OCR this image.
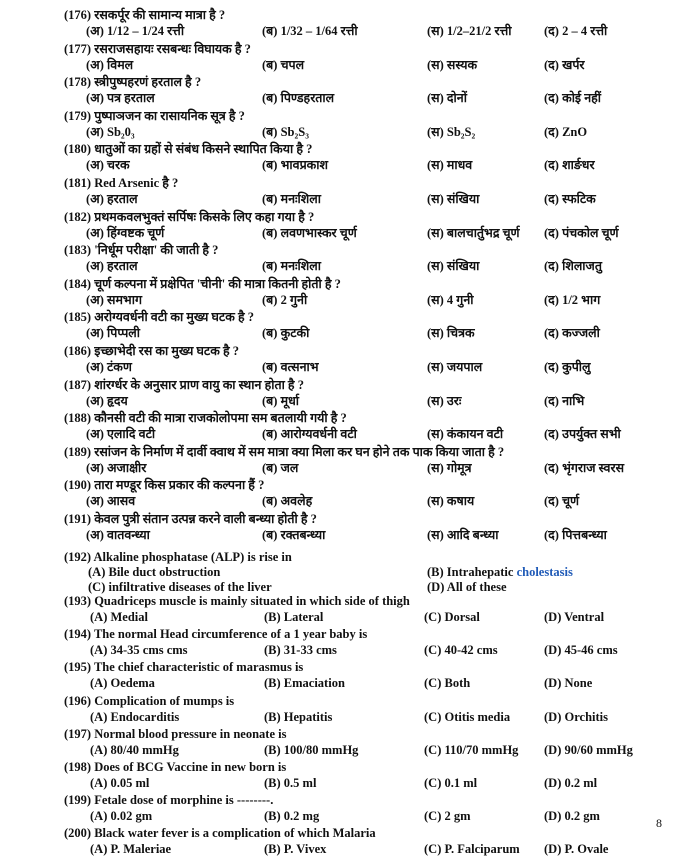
(176) रसकर्पूर की सामान्य मात्रा है ?
(अ) 1/12 – 1/24 रत्ती	(ब) 1/32 – 1/64 रत्ती	(स) 1/2–21/2 रत्ती	(द) 2 – 4 रत्ती
(177) रसराजसहायः रसबन्धः विघायक है ?
(अ) विमल	(ब) चपल	(स) सस्यक	(द) खर्पर
(178) स्त्रीपुष्पहरणं हरताल है ?
(अ) पत्र हरताल	(ब) पिण्डहरताल	(स) दोनों	(द) कोई नहीं
(179) पुष्पाञजन का रासायनिक सूत्र है ?
(अ) Sb₂0₃	(ब) Sb₂S₃	(स) Sb₂S₂	(द) ZnO
(180) धातुओं का ग्रहों से संबंध किसने स्थापित किया है ?
(अ) चरक	(ब) भावप्रकाश	(स) माधव	(द) शार्ङधर
(181) Red Arsenic है ?
(अ) हरताल	(ब) मनःशिला	(स) संखिया	(द) स्फटिक
(182) प्रथमकवलभुक्तं सर्पिषः किसके लिए कहा गया है ?
(अ) हिंग्वष्टक चूर्ण	(ब) लवणभास्कर चूर्ण	(स) बालचार्तुभद्र चूर्ण (द) पंचकोल चूर्ण
(183) 'निर्धूम परीक्षा' की जाती है ?
(अ) हरताल	(ब) मनःशिला	(स) संखिया	(द) शिलाजतु
(184) चूर्ण कल्पना में प्रक्षेपित 'चीनी' की मात्रा कितनी होती है ?
(अ) समभाग	(ब) 2 गुनी	(स) 4 गुनी	(द) 1/2 भाग
(185) अरोग्यवर्धनी वटी का मुख्य घटक है ?
(अ) पिप्पली	(ब) कुटकी	(स) चित्रक	(द) कज्जली
(186) इच्छाभेदी रस का मुख्य घटक है ?
(अ) टंकण	(ब) वत्सनाभ	(स) जयपाल	(द) कुपीलु
(187) शांरर्ग्धर के अनुसार प्राण वायु का स्थान होता है ?
(अ) हृदय	(ब) मूर्धा	(स) उरः	(द) नाभि
(188) कौनसी वटी की मात्रा राजकोलोपमा सम बतलायी गयी है ?
(अ) एलादि वटी	(ब) आरोग्यवर्धनी वटी	(स) कंकायन वटी	(द) उपर्युक्त सभी
(189) रसांजन के निर्माण में दार्वी क्वाथ में सम मात्रा क्या मिला कर घन होने तक पाक किया जाता है ?
(अ) अजाक्षीर	(ब) जल	(स) गोमूत्र	(द) भृंगराज स्वरस
(190) तारा मण्डूर किस प्रकार की कल्पना हैं ?
(अ) आसव	(ब) अवलेह	(स) कषाय	(द) चूर्ण
(191) केवल पुत्री संतान उत्पन्न करने वाली बन्ध्या होती है ?
(अ) वातवन्ध्या	(ब) रक्तबन्ध्या	(स) आदि बन्ध्या	(द) पित्तबन्ध्या
(193) Quadriceps muscle is mainly situated in which side of thigh
(A) Medial	(B) Lateral	(C) Dorsal	(D) Ventral
(194) The normal Head circumference of a 1 year baby is
(A) 34-35 cms cms	(B) 31-33 cms	(C) 40-42 cms	(D) 45-46 cms
(195) The chief characteristic of marasmus is
(A) Oedema	(B) Emaciation	(C) Both	(D) None
(196) Complication of mumps is
(A) Endocarditis	(B) Hepatitis	(C) Otitis media	(D) Orchitis
(197) Normal blood pressure in neonate is
(A) 80/40 mmHg	(B) 100/80 mmHg	(C) 110/70 mmHg (D) 90/60 mmHg
(198) Does of BCG Vaccine in new born is
(A) 0.05 ml	(B) 0.5 ml	(C) 0.1 ml	(D) 0.2 ml
(199) Fetale dose of morphine is --------.
(A) 0.02 gm	(B) 0.2 mg	(C) 2 gm	(D) 0.2 gm
(200) Black water fever is a complication of which Malaria
(A) P. Maleriae	(B) P. Vivex	(C) P. Falciparum (D) P. Ovale
(192) Alkaline phosphatase (ALP) is rise in
(A) Bile duct obstruction	(B) Intrahepatic cholestasis
(C) infiltrative diseases of the liver	(D) All of these
8
